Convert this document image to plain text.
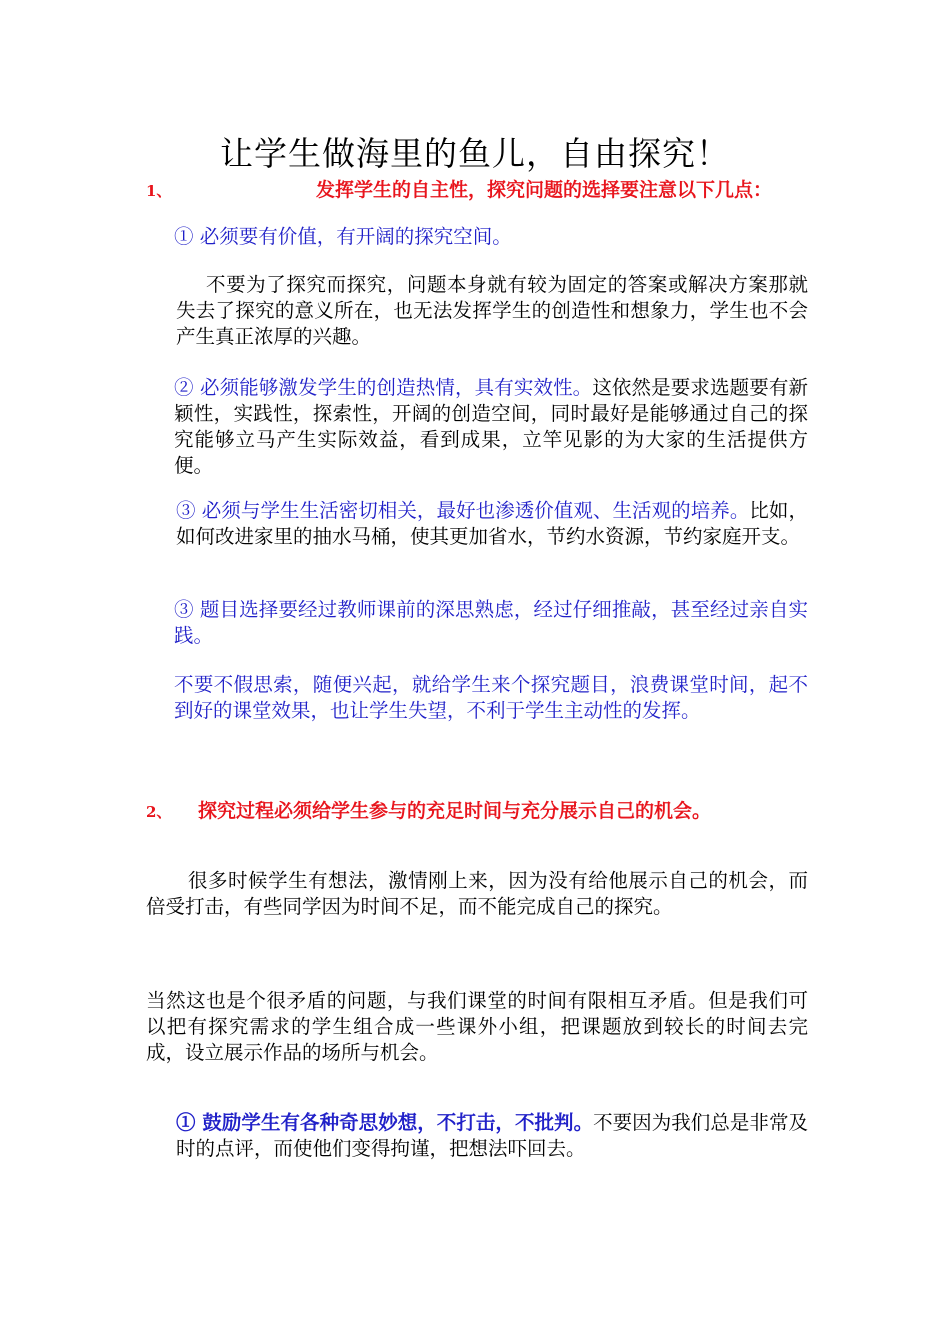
让学生做海里的鱼儿，自由探究！
1、	发挥学生的自主性，探究问题的选择要注意以下几点：
① 必须要有价值，有开阔的探究空间。
不要为了探究而探究，问题本身就有较为固定的答案或解决方案那就失去了探究的意义所在，也无法发挥学生的创造性和想象力，学生也不会产生真正浓厚的兴趣。
② 必须能够激发学生的创造热情，具有实效性。这依然是要求选题要有新颖性，实践性，探索性，开阔的创造空间，同时最好是能够通过自己的探究能够立马产生实际效益，看到成果，立竿见影的为大家的生活提供方便。
③ 必须与学生生活密切相关，最好也渗透价值观、生活观的培养。比如，如何改进家里的抽水马桶，使其更加省水，节约水资源，节约家庭开支。
③ 题目选择要经过教师课前的深思熟虑，经过仔细推敲，甚至经过亲自实践。
不要不假思索，随便兴起，就给学生来个探究题目，浪费课堂时间，起不到好的课堂效果，也让学生失望，不利于学生主动性的发挥。
2、 探究过程必须给学生参与的充足时间与充分展示自己的机会。
很多时候学生有想法，激情刚上来，因为没有给他展示自己的机会，而倍受打击，有些同学因为时间不足，而不能完成自己的探究。
当然这也是个很矛盾的问题，与我们课堂的时间有限相互矛盾。但是我们可以把有探究需求的学生组合成一些课外小组，把课题放到较长的时间去完成，设立展示作品的场所与机会。
① 鼓励学生有各种奇思妙想，不打击，不批判。不要因为我们总是非常及时的点评，而使他们变得拘谨，把想法吓回去。
